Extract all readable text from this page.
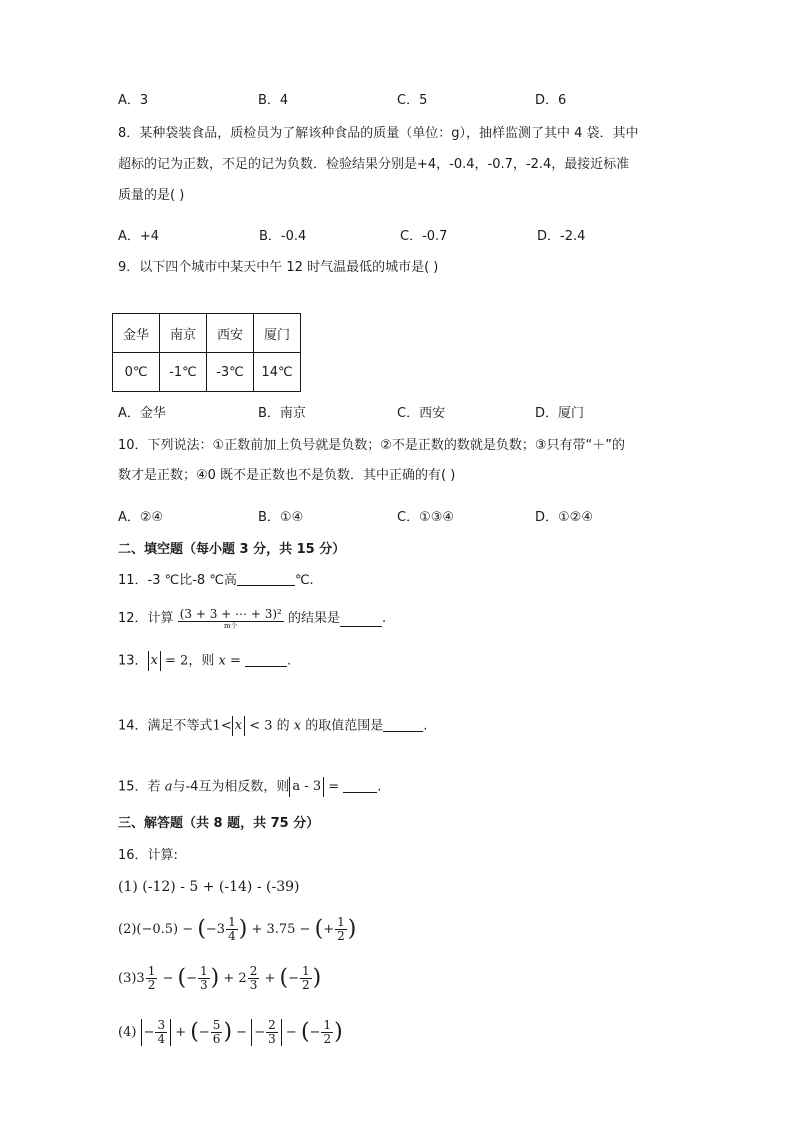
A．3	B．4	C．5	D．6
8．某种袋装食品，质检员为了解该种食品的质量（单位：g），抽样监测了其中 4 袋．其中
超标的记为正数，不足的记为负数．检验结果分别是+4，-0.4，-0.7，-2.4，最接近标准
质量的是( )
A．+4	B．-0.4	C．-0.7	D．-2.4
9．以下四个城市中某天中午 12 时气温最低的城市是( )
金华	南京	西安	厦门
0℃	-1℃	-3℃	14℃
A．金华	B．南京	C．西安	D．厦门
10．下列说法：①正数前加上负号就是负数；②不是正数的数就是负数；③只有带“＋”的
数才是正数；④0 既不是正数也不是负数．其中正确的有( )
A．②④	B．①④	C．①③④	D．①②④
二、填空题（每小题 3 分，共 15 分）
11．-3 ℃比-8 ℃高	℃.
12．计算 (3 + 3 + ⋯ + 3)²
m个	的结果是	.
13． x = 2，则 x =	.
14．满足不等式1< x < 3 的 x 的取值范围是	.
15．若 a与-4互为相反数，则 a - 3 =	.
三、解答题（共 8 题，共 75 分）
16．计算:
(1) (-12) - 5 + (-14) - (-39)
$(2)(-0.5) - (-3 \frac{1}{4}$ ) + 3.75 − (+ $\frac{1}{2}$ )
$(3)3 \frac{1}{2}$ − (− $\frac{1}{3}$ ) + $2 \frac{2}{3}$ + (− $\frac{1}{2}$ )
$(4) - \frac{3}{4}$ + (− $\frac{5}{6}$ ) − − $\frac{2}{3}$ − (− $\frac{1}{2}$ )
